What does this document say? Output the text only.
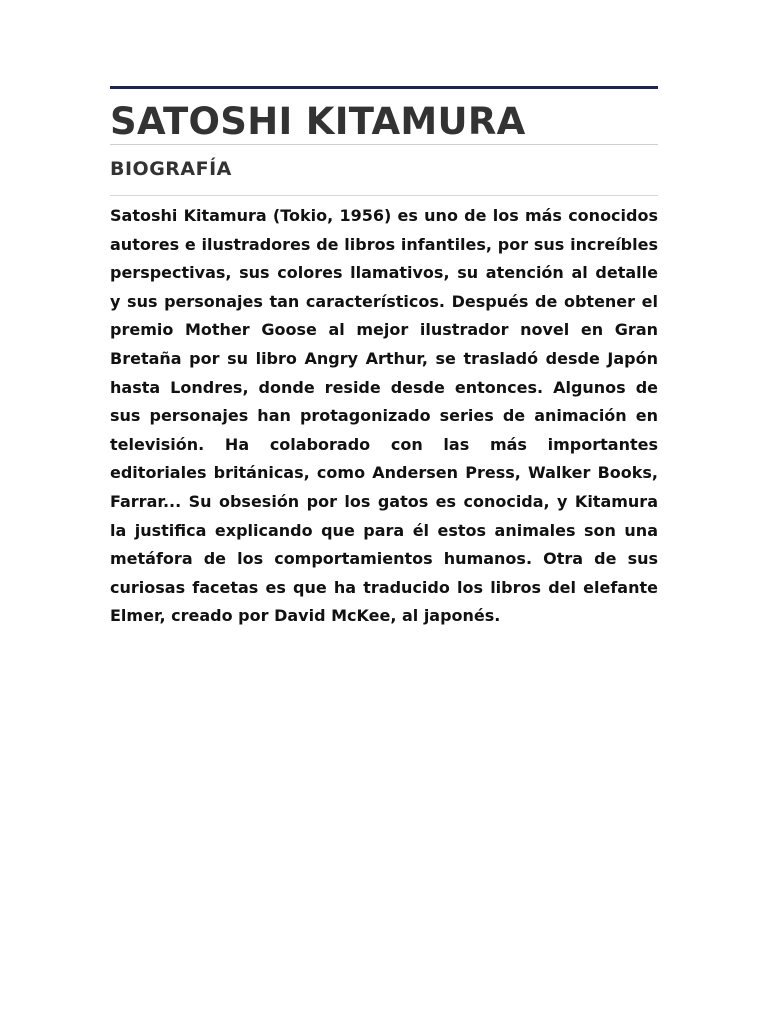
SATOSHI KITAMURA
BIOGRAFÍA

Satoshi Kitamura (Tokio, 1956) es uno de los más conocidos autores e ilustradores de libros infantiles, por sus increíbles perspectivas, sus colores llamativos, su atención al detalle y sus personajes tan característicos. Después de obtener el premio Mother Goose al mejor ilustrador novel en Gran Bretaña por su libro Angry Arthur, se trasladó desde Japón hasta Londres, donde reside desde entonces. Algunos de sus personajes han protagonizado series de animación en televisión. Ha colaborado con las más importantes editoriales británicas, como Andersen Press, Walker Books, Farrar... Su obsesión por los gatos es conocida, y Kitamura la justifica explicando que para él estos animales son una metáfora de los comportamientos humanos. Otra de sus curiosas facetas es que ha traducido los libros del elefante Elmer, creado por David McKee, al japonés.
